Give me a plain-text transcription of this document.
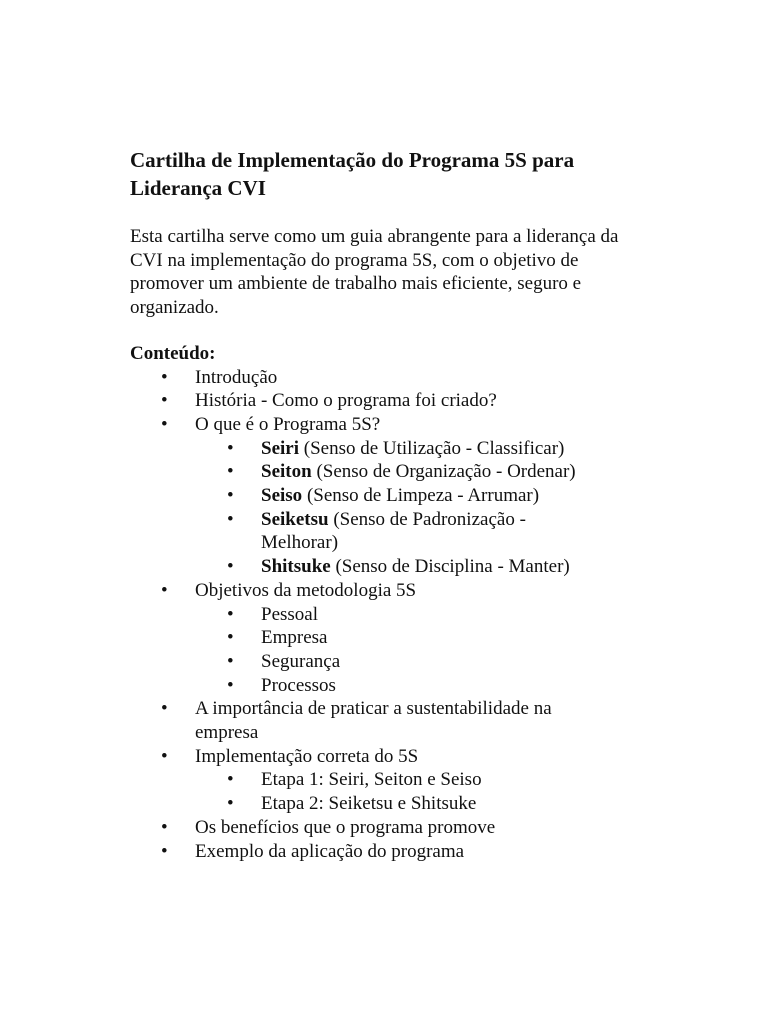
Cartilha de Implementação do Programa 5S para Liderança CVI

Esta cartilha serve como um guia abrangente para a liderança da CVI na implementação do programa 5S, com o objetivo de promover um ambiente de trabalho mais eficiente, seguro e organizado.

Conteúdo:
• Introdução
• História - Como o programa foi criado?
• O que é o Programa 5S?
• Seiri (Senso de Utilização - Classificar)
• Seiton (Senso de Organização - Ordenar)
• Seiso (Senso de Limpeza - Arrumar)
• Seiketsu (Senso de Padronização - Melhorar)
• Shitsuke (Senso de Disciplina - Manter)
• Objetivos da metodologia 5S
• Pessoal
• Empresa
• Segurança
• Processos
• A importância de praticar a sustentabilidade na empresa
• Implementação correta do 5S
• Etapa 1: Seiri, Seiton e Seiso
• Etapa 2: Seiketsu e Shitsuke
• Os benefícios que o programa promove
• Exemplo da aplicação do programa
